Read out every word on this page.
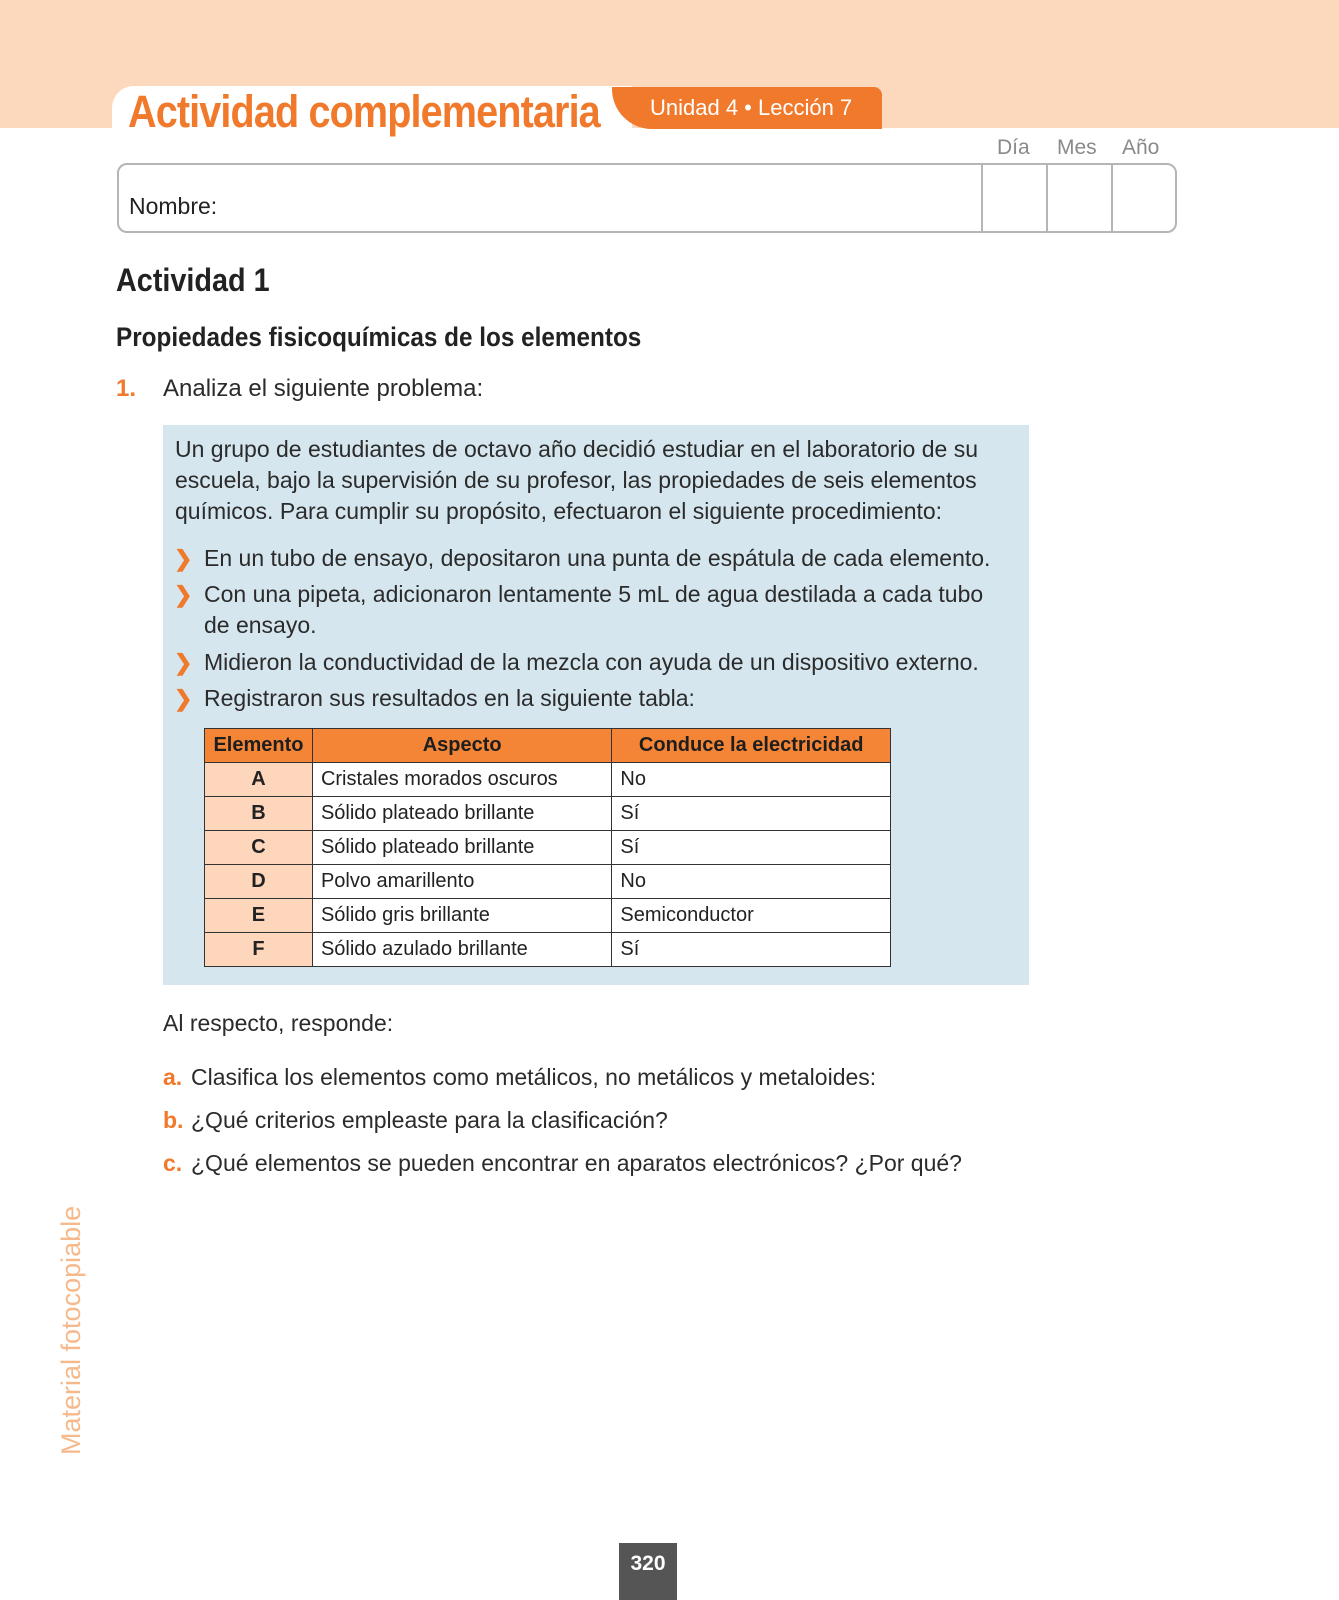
Actividad complementaria Unidad 4 • Lección 7
Día Mes Año
Nombre:
Actividad 1
Propiedades fisicoquímicas de los elementos
1. Analiza el siguiente problema:
Un grupo de estudiantes de octavo año decidió estudiar en el laboratorio de su
escuela, bajo la supervisión de su profesor, las propiedades de seis elementos
químicos. Para cumplir su propósito, efectuaron el siguiente procedimiento:
❯ En un tubo de ensayo, depositaron una punta de espátula de cada elemento.
❯ Con una pipeta, adicionaron lentamente 5 mL de agua destilada a cada tubo
de ensayo.
❯ Midieron la conductividad de la mezcla con ayuda de un dispositivo externo.
❯ Registraron sus resultados en la siguiente tabla:
Elemento	Aspecto	Conduce la electricidad
A	Cristales morados oscuros	No
B	Sólido plateado brillante	Sí
C	Sólido plateado brillante	Sí
D	Polvo amarillento	No
E	Sólido gris brillante	Semiconductor
F	Sólido azulado brillante	Sí
Al respecto, responde:
a. Clasifica los elementos como metálicos, no metálicos y metaloides:
b. ¿Qué criterios empleaste para la clasificación?
c. ¿Qué elementos se pueden encontrar en aparatos electrónicos? ¿Por qué?
Material fotocopiable
320
